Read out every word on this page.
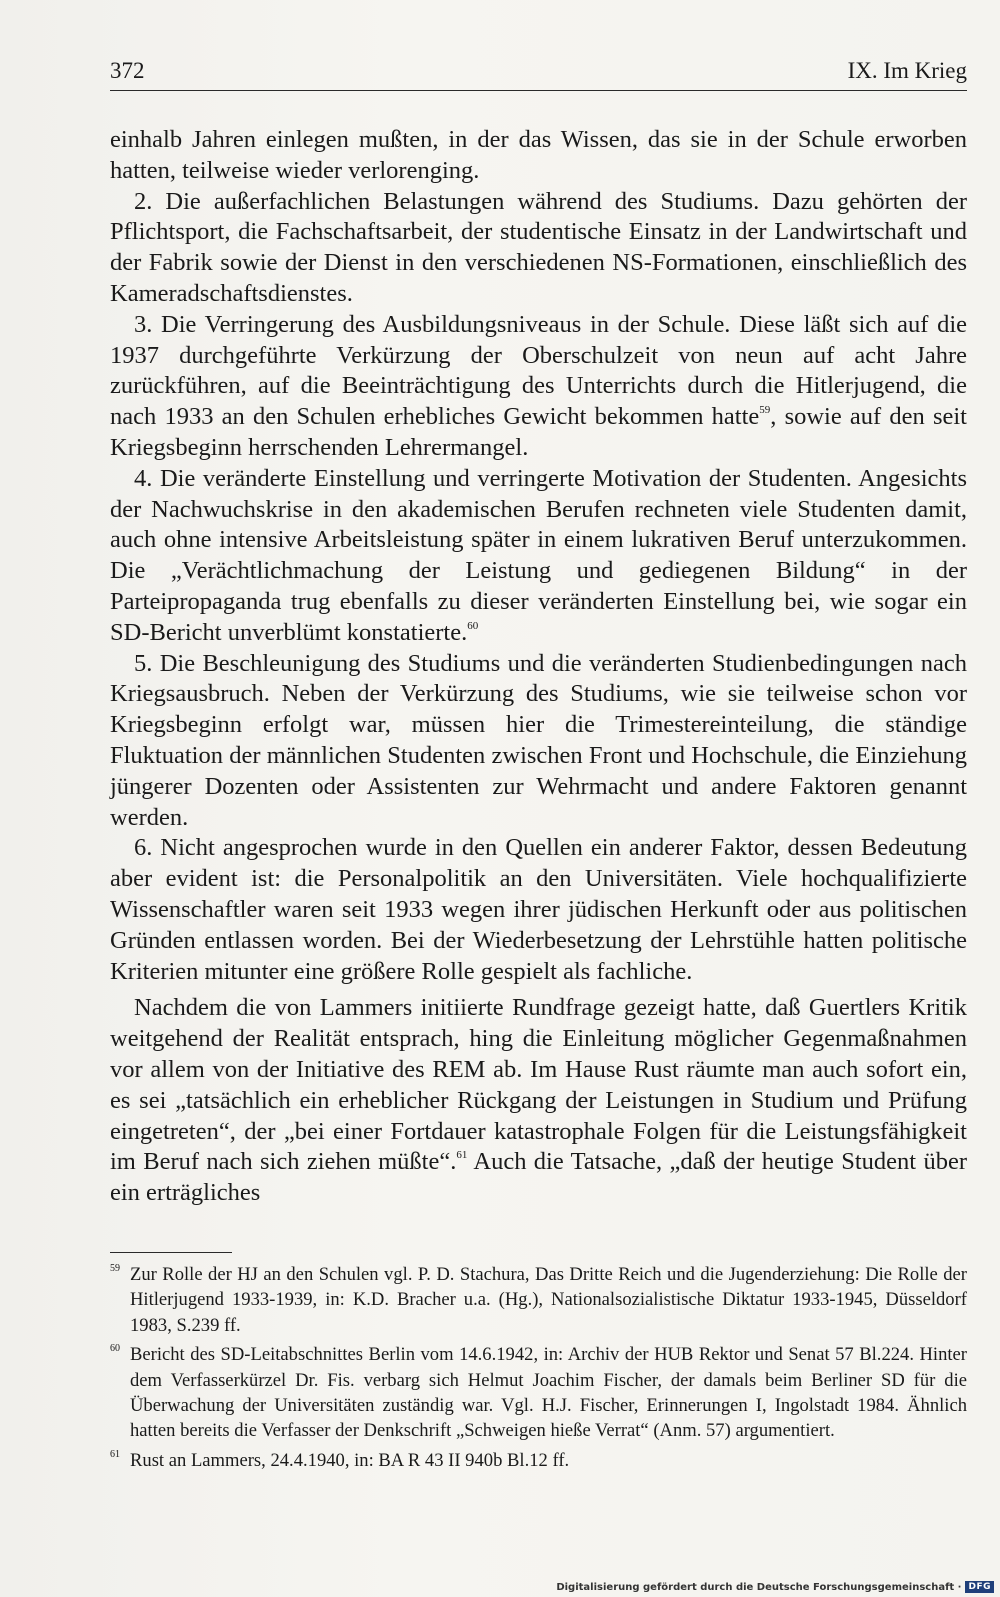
372	IX. Im Krieg

einhalb Jahren einlegen mußten, in der das Wissen, das sie in der Schule erworben hatten, teilweise wieder verlorenging.

2. Die außerfachlichen Belastungen während des Studiums. Dazu gehörten der Pflichtsport, die Fachschaftsarbeit, der studentische Einsatz in der Landwirtschaft und der Fabrik sowie der Dienst in den verschiedenen NS-Formationen, einschließlich des Kameradschaftsdienstes.

3. Die Verringerung des Ausbildungsniveaus in der Schule. Diese läßt sich auf die 1937 durchgeführte Verkürzung der Oberschulzeit von neun auf acht Jahre zurückführen, auf die Beeinträchtigung des Unterrichts durch die Hitlerjugend, die nach 1933 an den Schulen erhebliches Gewicht bekommen hatte$^{59}$, sowie auf den seit Kriegsbeginn herrschenden Lehrermangel.

4. Die veränderte Einstellung und verringerte Motivation der Studenten. Angesichts der Nachwuchskrise in den akademischen Berufen rechneten viele Studenten damit, auch ohne intensive Arbeitsleistung später in einem lukrativen Beruf unterzukommen. Die „Verächtlichmachung der Leistung und gediegenen Bildung“ in der Parteipropaganda trug ebenfalls zu dieser veränderten Einstellung bei, wie sogar ein SD-Bericht unverblümt konstatierte.$^{60}$

5. Die Beschleunigung des Studiums und die veränderten Studienbedingungen nach Kriegsausbruch. Neben der Verkürzung des Studiums, wie sie teilweise schon vor Kriegsbeginn erfolgt war, müssen hier die Trimestereinteilung, die ständige Fluktuation der männlichen Studenten zwischen Front und Hochschule, die Einziehung jüngerer Dozenten oder Assistenten zur Wehrmacht und andere Faktoren genannt werden.

6. Nicht angesprochen wurde in den Quellen ein anderer Faktor, dessen Bedeutung aber evident ist: die Personalpolitik an den Universitäten. Viele hochqualifizierte Wissenschaftler waren seit 1933 wegen ihrer jüdischen Herkunft oder aus politischen Gründen entlassen worden. Bei der Wiederbesetzung der Lehrstühle hatten politische Kriterien mitunter eine größere Rolle gespielt als fachliche.

Nachdem die von Lammers initiierte Rundfrage gezeigt hatte, daß Guertlers Kritik weitgehend der Realität entsprach, hing die Einleitung möglicher Gegenmaßnahmen vor allem von der Initiative des REM ab. Im Hause Rust räumte man auch sofort ein, es sei „tatsächlich ein erheblicher Rückgang der Leistungen in Studium und Prüfung eingetreten“, der „bei einer Fortdauer katastrophale Folgen für die Leistungsfähigkeit im Beruf nach sich ziehen müßte“.$^{61}$ Auch die Tatsache, „daß der heutige Student über ein erträgliches

59 Zur Rolle der HJ an den Schulen vgl. P. D. Stachura, Das Dritte Reich und die Jugenderziehung: Die Rolle der Hitlerjugend 1933-1939, in: K.D. Bracher u.a. (Hg.), Nationalsozialistische Diktatur 1933-1945, Düsseldorf 1983, S.239 ff.
60 Bericht des SD-Leitabschnittes Berlin vom 14.6.1942, in: Archiv der HUB Rektor und Senat 57 Bl.224. Hinter dem Verfasserkürzel Dr. Fis. verbarg sich Helmut Joachim Fischer, der damals beim Berliner SD für die Überwachung der Universitäten zuständig war. Vgl. H.J. Fischer, Erinnerungen I, Ingolstadt 1984. Ähnlich hatten bereits die Verfasser der Denkschrift „Schweigen hieße Verrat“ (Anm. 57) argumentiert.
61 Rust an Lammers, 24.4.1940, in: BA R 43 II 940b Bl.12 ff.
Digitalisierung gefördert durch die Deutsche Forschungsgemeinschaft · DFG
